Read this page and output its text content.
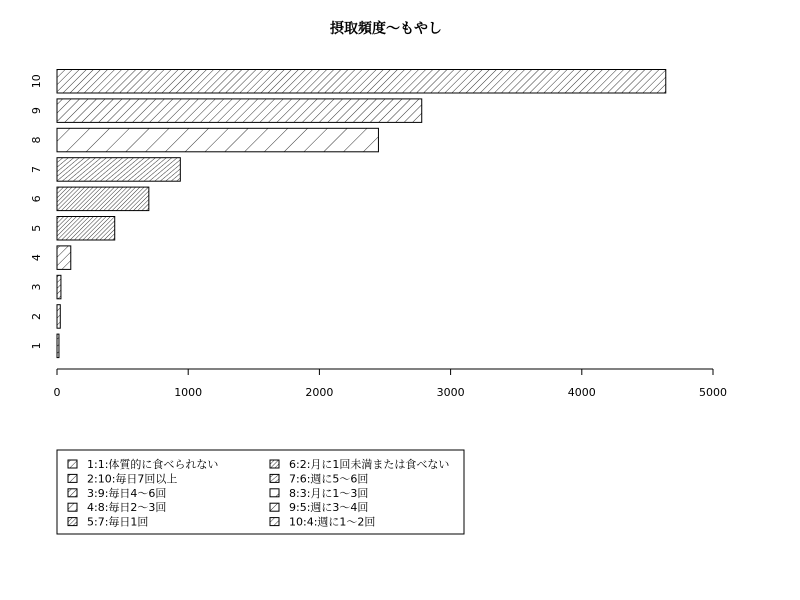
摂取頻度～もやし
1
2
3
4
5
6
7
8
9
10
0	1000	2000	3000	4000	5000
1:1:体質的に食べられない
2:10:毎日7回以上
3:9:毎日4～6回
4:8:毎日2～3回
5:7:毎日1回
6:2:月に1回未満または食べない
7:6:週に5～6回
8:3:月に1～3回
9:5:週に3～4回
10:4:週に1～2回
